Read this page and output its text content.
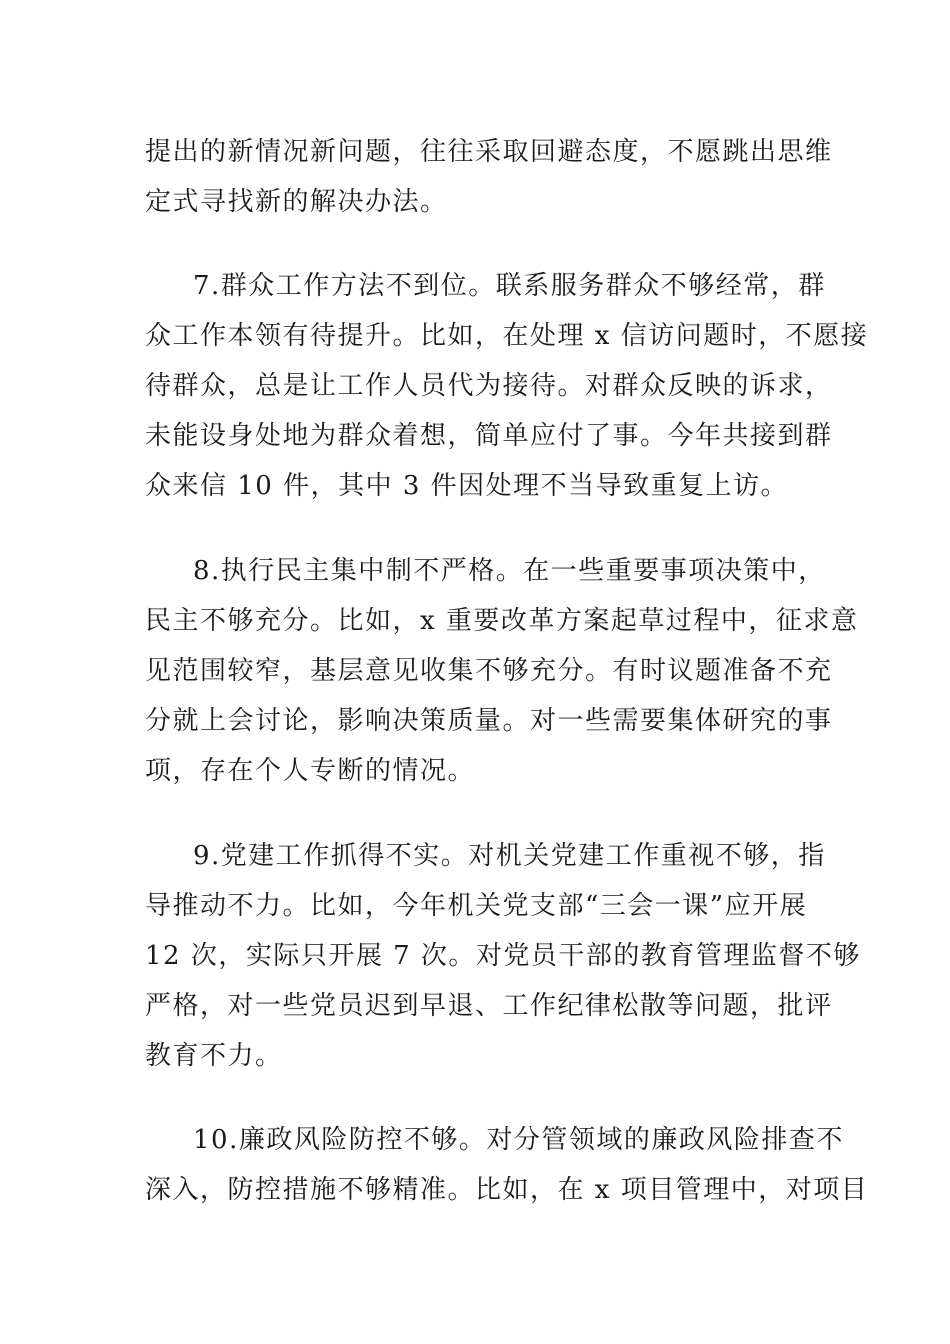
提出的新情况新问题，往往采取回避态度，不愿跳出思维
定式寻找新的解决办法。
7.群众工作方法不到位。联系服务群众不够经常，群
众工作本领有待提升。比如，在处理 x 信访问题时，不愿接
待群众，总是让工作人员代为接待。对群众反映的诉求，
未能设身处地为群众着想，简单应付了事。今年共接到群
众来信 10 件，其中 3 件因处理不当导致重复上访。
8.执行民主集中制不严格。在一些重要事项决策中，
民主不够充分。比如，x 重要改革方案起草过程中，征求意
见范围较窄，基层意见收集不够充分。有时议题准备不充
分就上会讨论，影响决策质量。对一些需要集体研究的事
项，存在个人专断的情况。
9.党建工作抓得不实。对机关党建工作重视不够，指
导推动不力。比如，今年机关党支部“三会一课”应开展
12 次，实际只开展 7 次。对党员干部的教育管理监督不够
严格，对一些党员迟到早退、工作纪律松散等问题，批评
教育不力。
10.廉政风险防控不够。对分管领域的廉政风险排查不
深入，防控措施不够精准。比如，在 x 项目管理中，对项目
